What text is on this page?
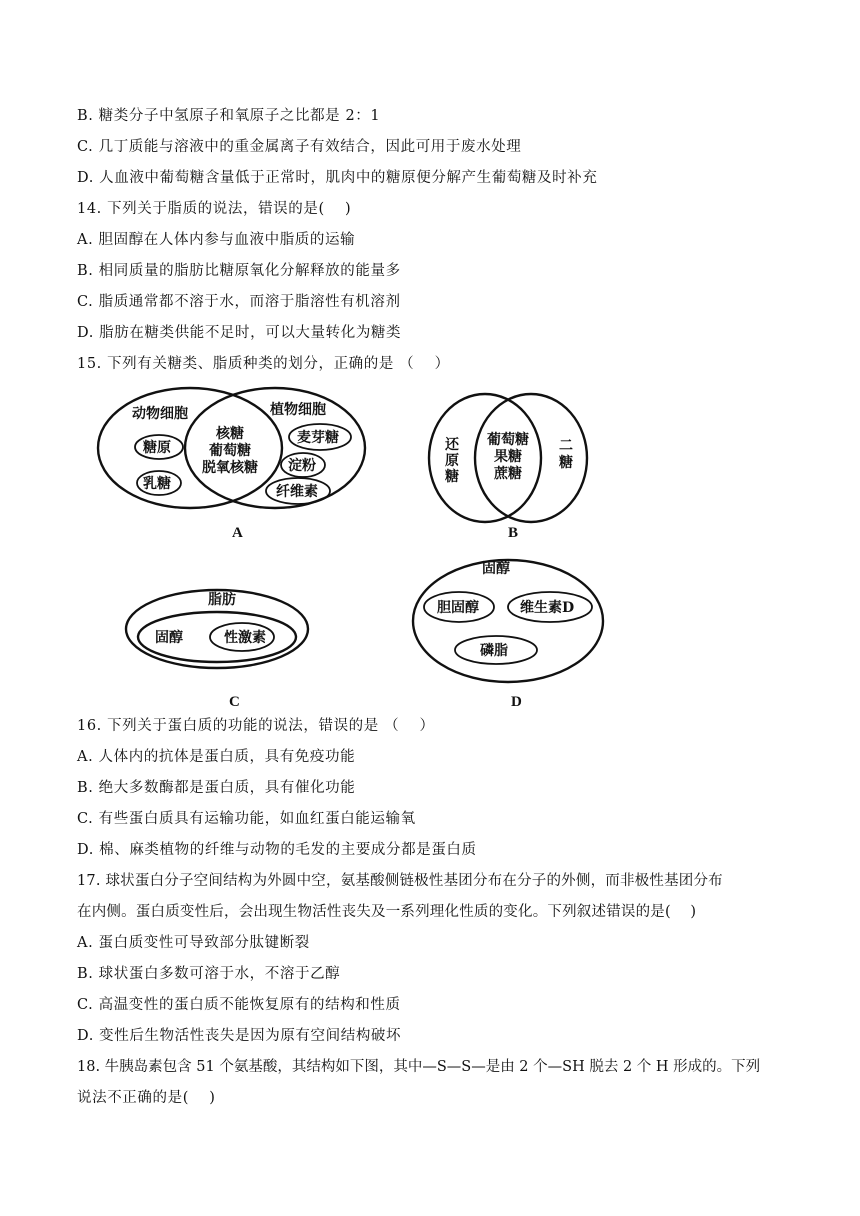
B. 糖类分子中氢原子和氧原子之比都是 2：1
C. 几丁质能与溶液中的重金属离子有效结合，因此可用于废水处理
D. 人血液中葡萄糖含量低于正常时，肌肉中的糖原便分解产生葡萄糖及时补充
14. 下列关于脂质的说法，错误的是(　 )
A. 胆固醇在人体内参与血液中脂质的运输
B. 相同质量的脂肪比糖原氧化分解释放的能量多
C. 脂质通常都不溶于水，而溶于脂溶性有机溶剂
D. 脂肪在糖类供能不足时，可以大量转化为糖类
15. 下列有关糖类、脂质种类的划分，正确的是 （　 ）
动物细胞	植物细胞
糖原
乳糖
核糖
葡萄糖
脱氧核糖
麦芽糖
淀粉
纤维素
A
还
原
糖
葡萄糖
果糖
蔗糖
二
糖
B
脂肪
固醇	性激素
C
固醇
胆固醇	维生素D
磷脂
D
16. 下列关于蛋白质的功能的说法，错误的是 （　 ）
A. 人体内的抗体是蛋白质，具有免疫功能
B. 绝大多数酶都是蛋白质，具有催化功能
C. 有些蛋白质具有运输功能，如血红蛋白能运输氧
D. 棉、麻类植物的纤维与动物的毛发的主要成分都是蛋白质
17. 球状蛋白分子空间结构为外圆中空，氨基酸侧链极性基团分布在分子的外侧，而非极性基团分布
在内侧。蛋白质变性后，会出现生物活性丧失及一系列理化性质的变化。下列叙述错误的是(　 )
A. 蛋白质变性可导致部分肽键断裂
B. 球状蛋白多数可溶于水，不溶于乙醇
C. 高温变性的蛋白质不能恢复原有的结构和性质
D. 变性后生物活性丧失是因为原有空间结构破坏
18. 牛胰岛素包含 51 个氨基酸，其结构如下图，其中—S—S—是由 2 个—SH 脱去 2 个 H 形成的。下列
说法不正确的是(　 )
